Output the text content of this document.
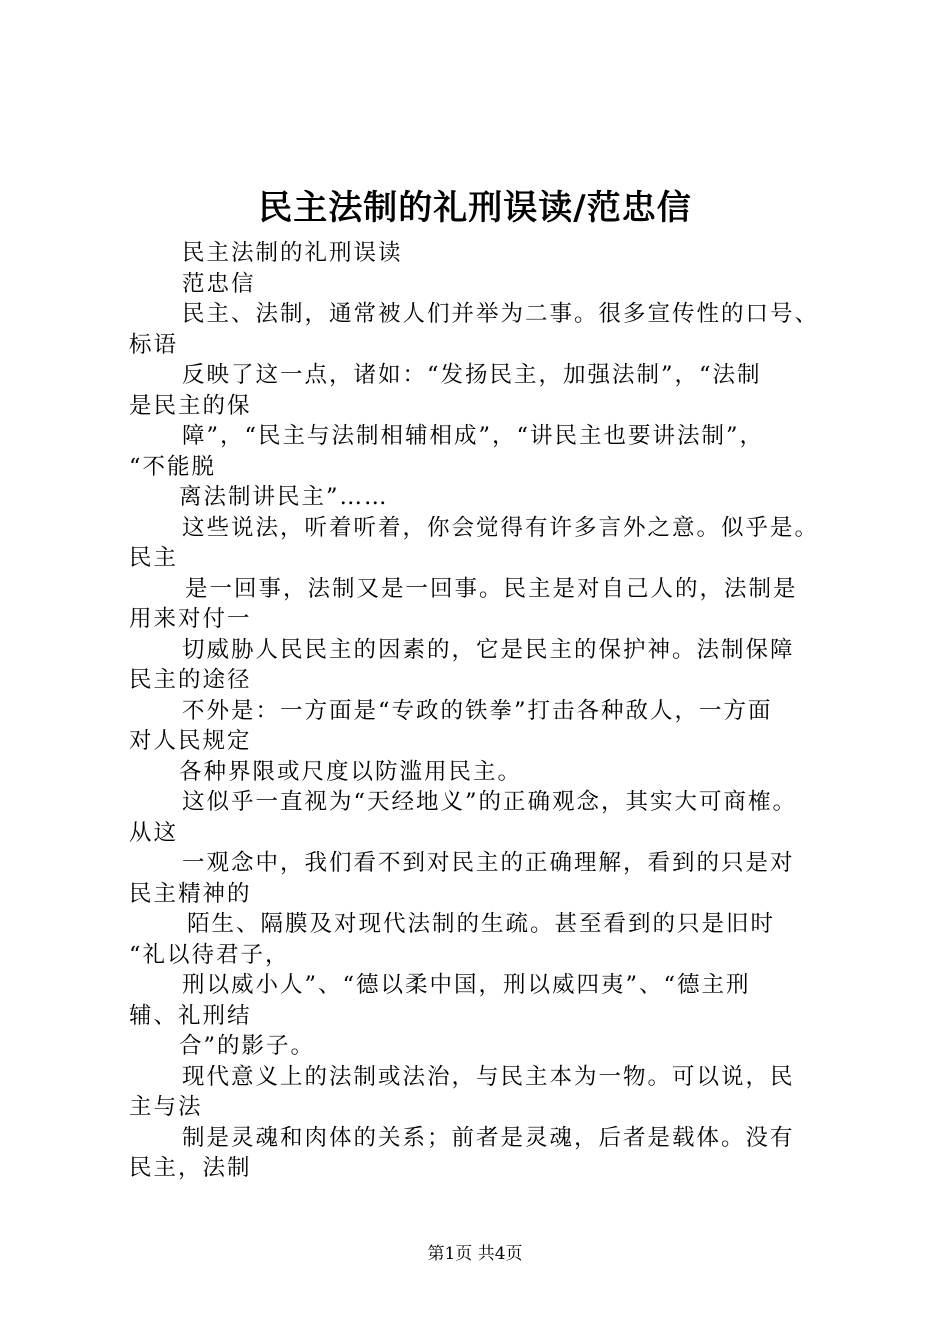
民主法制的礼刑误读/范忠信
民主法制的礼刑误读
范忠信
民主、法制，通常被人们并举为二事。很多宣传性的口号、
标语
反映了这一点，诸如：“发扬民主，加强法制”，“法制
是民主的保
障”，“民主与法制相辅相成”，“讲民主也要讲法制”，
“不能脱
离法制讲民主”……
这些说法，听着听着，你会觉得有许多言外之意。似乎是。
民主
是一回事，法制又是一回事。民主是对自己人的，法制是
用来对付一
切威胁人民民主的因素的，它是民主的保护神。法制保障
民主的途径
不外是：一方面是“专政的铁拳”打击各种敌人，一方面
对人民规定
各种界限或尺度以防滥用民主。
这似乎一直视为“天经地义”的正确观念，其实大可商榷。
从这
一观念中，我们看不到对民主的正确理解，看到的只是对
民主精神的
陌生、隔膜及对现代法制的生疏。甚至看到的只是旧时
“礼以待君子，
刑以威小人”、“德以柔中国，刑以威四夷”、“德主刑
辅、礼刑结
合”的影子。
现代意义上的法制或法治，与民主本为一物。可以说，民
主与法
制是灵魂和肉体的关系；前者是灵魂，后者是载体。没有
民主，法制
第1页 共4页
